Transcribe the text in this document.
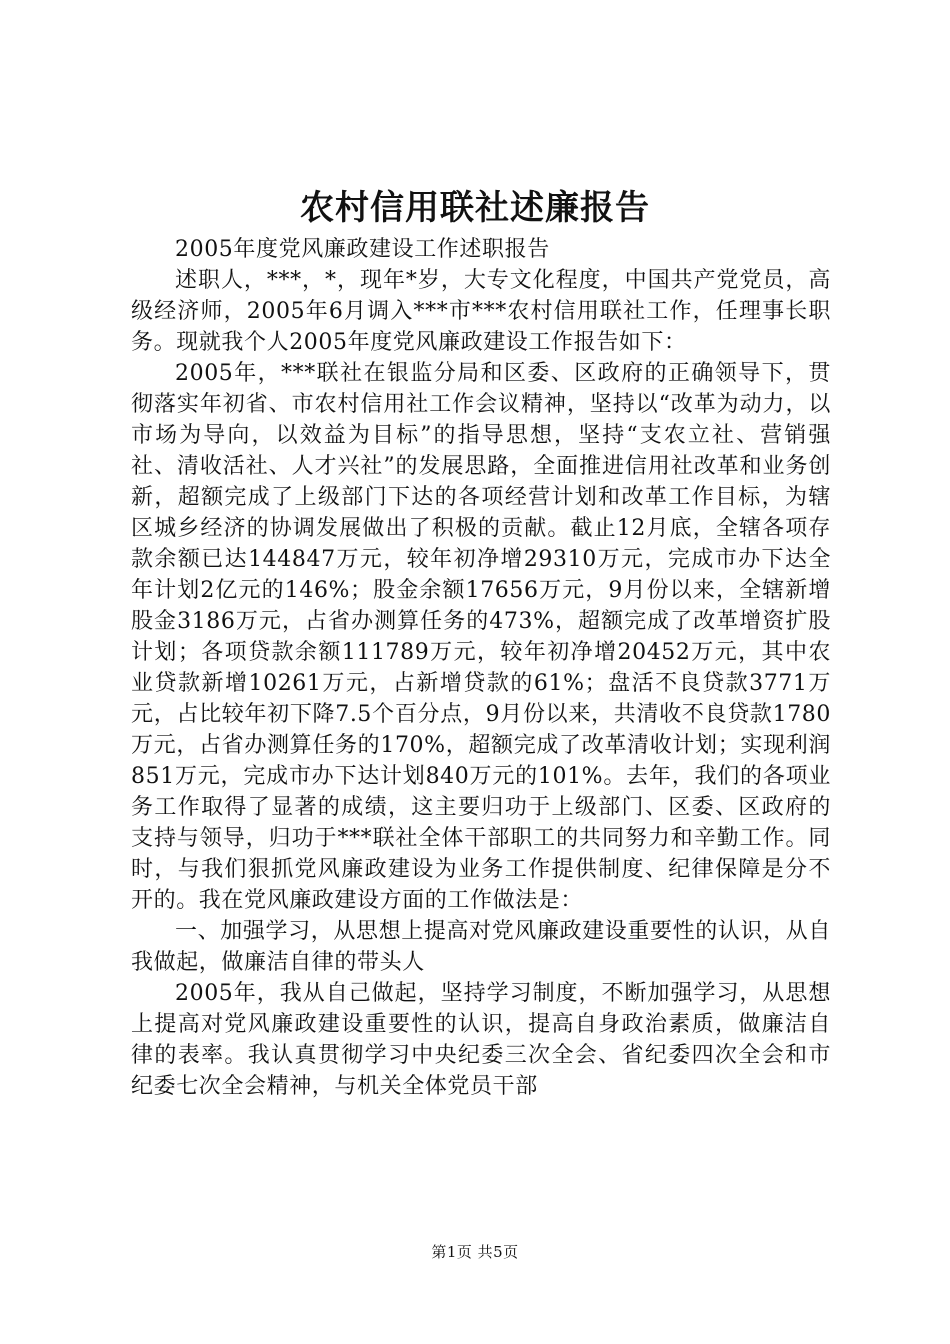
农村信用联社述廉报告

2005年度党风廉政建设工作述职报告

述职人，***，*，现年*岁，大专文化程度，中国共产党党员，高级经济师，2005年6月调入***市***农村信用联社工作，任理事长职务。现就我个人2005年度党风廉政建设工作报告如下：

2005年，***联社在银监分局和区委、区政府的正确领导下，贯彻落实年初省、市农村信用社工作会议精神，坚持以“改革为动力，以市场为导向，以效益为目标”的指导思想，坚持“支农立社、营销强社、清收活社、人才兴社”的发展思路，全面推进信用社改革和业务创新，超额完成了上级部门下达的各项经营计划和改革工作目标，为辖区城乡经济的协调发展做出了积极的贡献。截止12月底，全辖各项存款余额已达144847万元，较年初净增29310万元，完成市办下达全年计划2亿元的146%；股金余额17656万元，9月份以来，全辖新增股金3186万元，占省办测算任务的473%，超额完成了改革增资扩股计划；各项贷款余额111789万元，较年初净增20452万元，其中农业贷款新增10261万元，占新增贷款的61%；盘活不良贷款3771万元，占比较年初下降7.5个百分点，9月份以来，共清收不良贷款1780万元，占省办测算任务的170%，超额完成了改革清收计划；实现利润851万元，完成市办下达计划840万元的101%。去年，我们的各项业务工作取得了显著的成绩，这主要归功于上级部门、区委、区政府的支持与领导，归功于***联社全体干部职工的共同努力和辛勤工作。同时，与我们狠抓党风廉政建设为业务工作提供制度、纪律保障是分不开的。我在党风廉政建设方面的工作做法是：

一、加强学习，从思想上提高对党风廉政建设重要性的认识，从自我做起，做廉洁自律的带头人

2005年，我从自己做起，坚持学习制度，不断加强学习，从思想上提高对党风廉政建设重要性的认识，提高自身政治素质，做廉洁自律的表率。我认真贯彻学习中央纪委三次全会、省纪委四次全会和市纪委七次全会精神，与机关全体党员干部

第1页 共5页
